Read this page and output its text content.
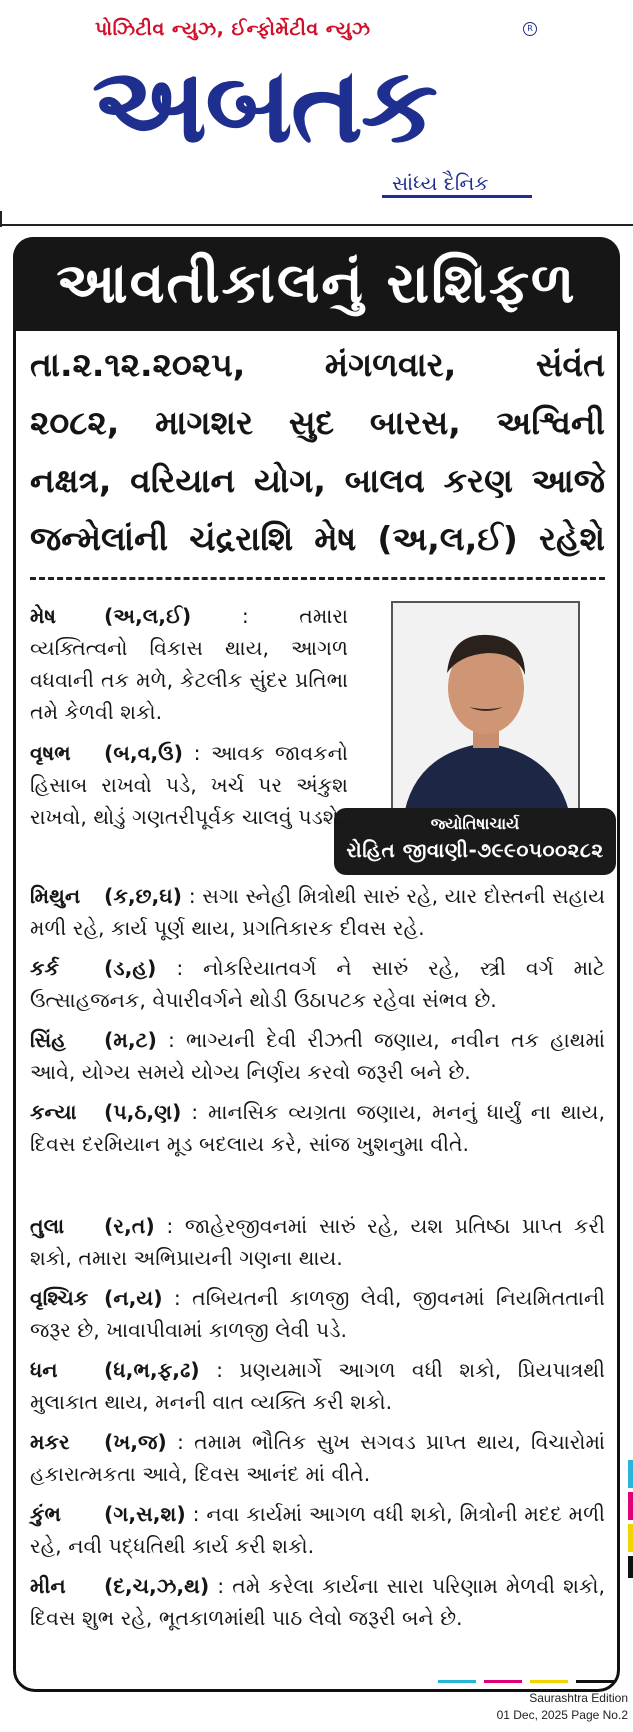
પોઝિટીવ ન્યુઝ, ઈન્ફોર્મેટીવ ન્યુઝ	R
અબતક
સાંધ્ય દૈનિક
આવતીકાલનું રાશિફળ
તા.૨.૧૨.૨૦૨૫, મંગળવાર, સંવંત
૨૦૮૨, માગશર સુદ બારસ, અશ્વિની
નક્ષત્ર, વરિયાન યોગ, બાલવ કરણ આજે
જન્મેલાંની ચંદ્રરાશિ મેષ (અ,લ,ઈ) રહેશે
જ્યોતિષાચાર્ય
રોહિત જીવાણી-૭૯૯૦૫૦૦૨૮૨
મેષ (અ,લ,ઈ) : તમારા વ્યક્તિત્વનો વિકાસ થાય, આગળ વધવાની તક મળે, કેટલીક સુંદર પ્રતિભા તમે કેળવી શકો.
વૃષભ (બ,વ,ઉ) : આવક જાવકનો હિસાબ રાખવો પડે, ખર્ચ પર અંકુશ રાખવો, થોડું ગણતરીપૂર્વક ચાલવું પડશે.
મિથુન (ક,છ,ઘ) : સગા સ્નેહી મિત્રોથી સારું રહે, યાર દોસ્તની સહાય મળી રહે, કાર્ય પૂર્ણ થાય, પ્રગતિકારક દીવસ રહે.
કર્ક (ડ,હ) : નોકરિયાતવર્ગ ને સારું રહે, સ્ત્રી વર્ગ માટે ઉત્સાહજનક, વેપારીવર્ગને થોડી ઉઠાપટક રહેવા સંભવ છે.
સિંહ (મ,ટ) : ભાગ્યની દેવી રીઝતી જણાય, નવીન તક હાથમાં આવે, યોગ્ય સમયે યોગ્ય નિર્ણય કરવો જરૂરી બને છે.
કન્યા (પ,ઠ,ણ) : માનસિક વ્યગ્રતા જણાય, મનનું ધાર્યું ના થાય, દિવસ દરમિયાન મૂડ બદલાય કરે, સાંજ ખુશનુમા વીતે.
તુલા (ર,ત) : જાહેરજીવનમાં સારું રહે, યશ પ્રતિષ્ઠા પ્રાપ્ત કરી શકો, તમારા અભિપ્રાયની ગણના થાય.
વૃશ્ચિક (ન,ય) : તબિયતની કાળજી લેવી, જીવનમાં નિયમિતતાની જરૂર છે, ખાવાપીવામાં કાળજી લેવી પડે.
ધન (ધ,ભ,ફ,ઢ) : પ્રણયમાર્ગે આગળ વધી શકો, પ્રિયપાત્રથી મુલાકાત થાય, મનની વાત વ્યક્તિ કરી શકો.
મકર (ખ,જ) : તમામ ભૌતિક સુખ સગવડ પ્રાપ્ત થાય, વિચારોમાં હકારાત્મકતા આવે, દિવસ આનંદ માં વીતે.
કુંભ (ગ,સ,શ) : નવા કાર્યમાં આગળ વધી શકો, મિત્રોની મદદ મળી રહે, નવી પદ્ધતિથી કાર્ય કરી શકો.
મીન (દ,ચ,ઝ,થ) : તમે કરેલા કાર્યના સારા પરિણામ મેળવી શકો, દિવસ શુભ રહે, ભૂતકાળમાંથી પાઠ લેવો જરૂરી બને છે.
Saurashtra Edition
01 Dec, 2025 Page No.2
